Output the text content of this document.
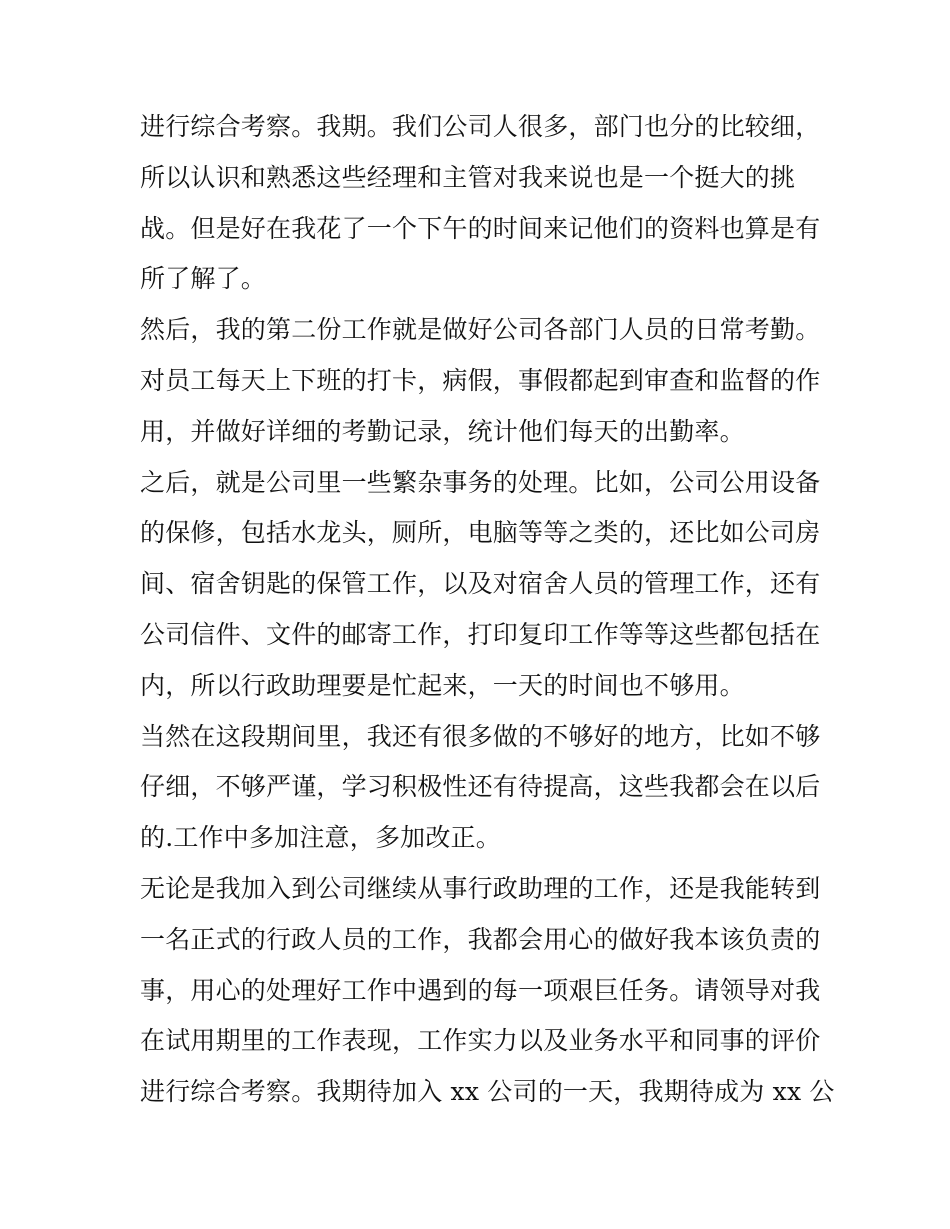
进行综合考察。我期。我们公司人很多，部门也分的比较细，
所以认识和熟悉这些经理和主管对我来说也是一个挺大的挑
战。但是好在我花了一个下午的时间来记他们的资料也算是有
所了解了。
然后，我的第二份工作就是做好公司各部门人员的日常考勤。
对员工每天上下班的打卡，病假，事假都起到审查和监督的作
用，并做好详细的考勤记录，统计他们每天的出勤率。
之后，就是公司里一些繁杂事务的处理。比如，公司公用设备
的保修，包括水龙头，厕所，电脑等等之类的，还比如公司房
间、宿舍钥匙的保管工作，以及对宿舍人员的管理工作，还有
公司信件、文件的邮寄工作，打印复印工作等等这些都包括在
内，所以行政助理要是忙起来，一天的时间也不够用。
当然在这段期间里，我还有很多做的不够好的地方，比如不够
仔细，不够严谨，学习积极性还有待提高，这些我都会在以后
的.工作中多加注意，多加改正。
无论是我加入到公司继续从事行政助理的工作，还是我能转到
一名正式的行政人员的工作，我都会用心的做好我本该负责的
事，用心的处理好工作中遇到的每一项艰巨任务。请领导对我
在试用期里的工作表现，工作实力以及业务水平和同事的评价
进行综合考察。我期待加入 xx 公司的一天，我期待成为 xx 公
